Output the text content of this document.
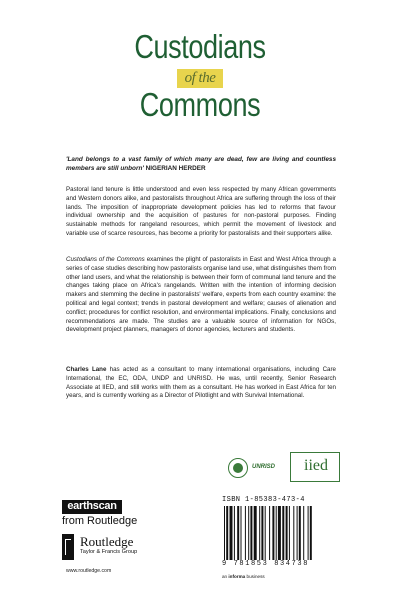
Custodians
of the
Commons

'Land belongs to a vast family of which many are dead, few are living and countless members are still unborn' NIGERIAN HERDER

Pastoral land tenure is little understood and even less respected by many African governments and Western donors alike, and pastoralists throughout Africa are suffering through the loss of their lands. The imposition of inappropriate development policies has led to reforms that favour individual ownership and the acquisition of pastures for non-pastoral purposes. Finding sustainable methods for rangeland resources, which permit the movement of livestock and variable use of scarce resources, has become a priority for pastoralists and their supporters alike.

Custodians of the Commons examines the plight of pastoralists in East and West Africa through a series of case studies describing how pastoralists organise land use, what distinguishes them from other land users, and what the relationship is between their form of communal land tenure and the changes taking place on Africa's rangelands. Written with the intention of informing decision makers and stemming the decline in pastoralists' welfare, experts from each country examine: the political and legal context; trends in pastoral development and welfare; causes of alienation and conflict; procedures for conflict resolution, and environmental implications. Finally, conclusions and recommendations are made. The studies are a valuable source of information for NGOs, development project planners, managers of donor agencies, lecturers and students.

Charles Lane has acted as a consultant to many international organisations, including Care International, the EC, ODA, UNDP and UNRISD. He was, until recently, Senior Research Associate at IIED, and still works with them as a consultant. He has worked in East Africa for ten years, and is currently working as a Director of Pilotlight and with Survival International.

UNRISD	iied
ISBN 1-85383-473-4
9 781853 834738
an informa business
earthscan
from Routledge
Routledge
Taylor & Francis Group
www.routledge.com
